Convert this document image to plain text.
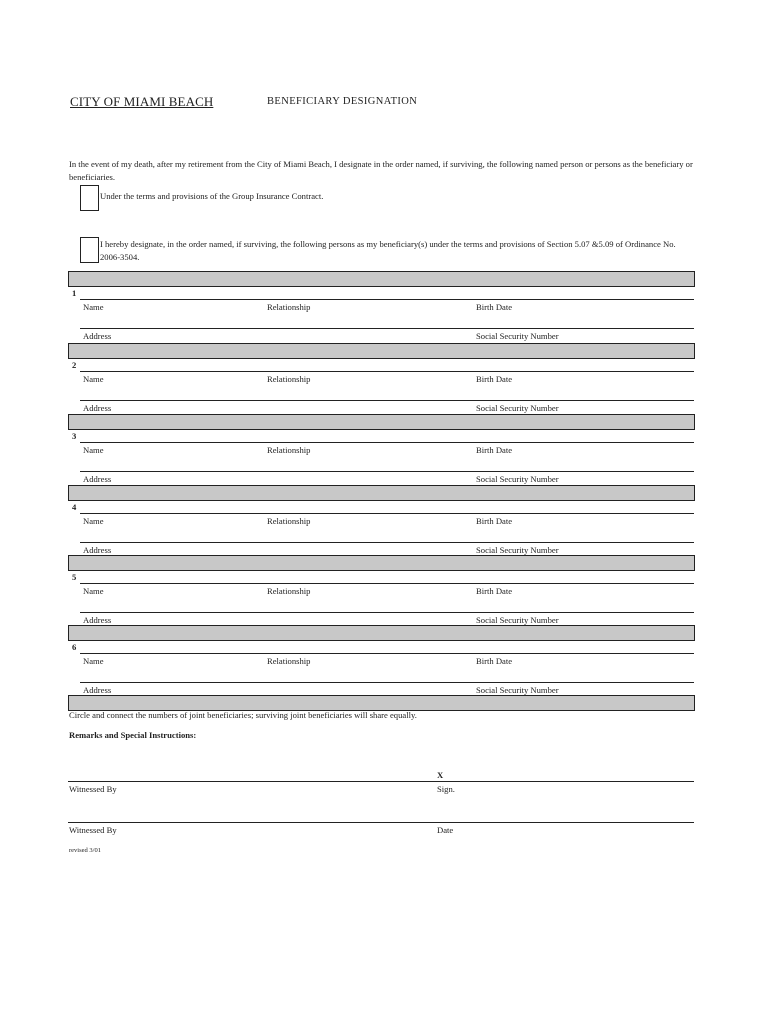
CITY OF MIAMI BEACH	BENEFICIARY DESIGNATION
In the event of my death, after my retirement from the City of Miami Beach, I designate in the order named, if surviving, the following named person or persons as the beneficiary or beneficiaries.
Under the terms and provisions of the Group Insurance Contract.
I hereby designate, in the order named, if surviving, the following persons as my beneficiary(s) under the terms and provisions of Section 5.07 &5.09 of Ordinance No. 2006-3504.
1
Name	Relationship	Birth Date
Address	Social Security Number
2
Name	Relationship	Birth Date
Address	Social Security Number
3
Name	Relationship	Birth Date
Address	Social Security Number
4
Name	Relationship	Birth Date
Address	Social Security Number
5
Name	Relationship	Birth Date
Address	Social Security Number
6
Name	Relationship	Birth Date
Address	Social Security Number
Circle and connect the numbers of joint beneficiaries; surviving joint beneficiaries will share equally.
Remarks and Special Instructions:
X
Witnessed By	Sign.
Witnessed By	Date
revised 3/01
